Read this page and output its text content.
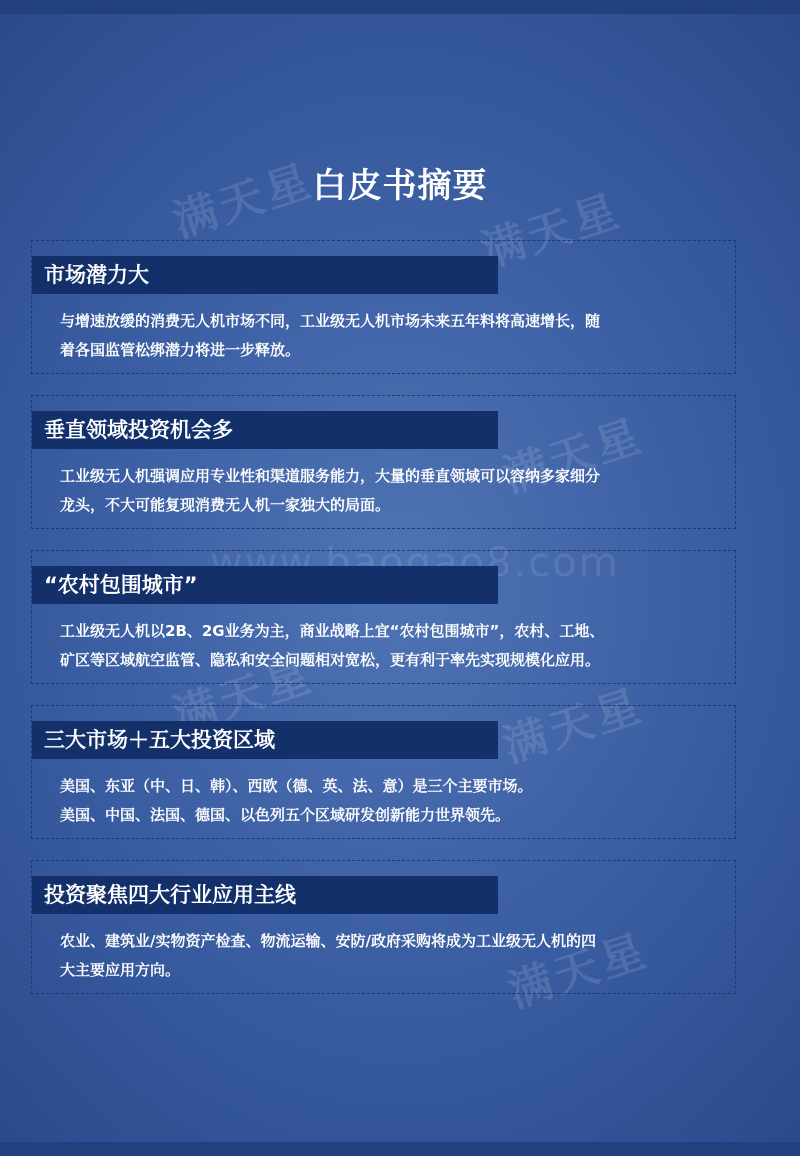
满天星	满天星
满天星
满天星	满天星
满天星
www.baogao8.com
白皮书摘要
市场潜力大

与增速放缓的消费无人机市场不同，工业级无人机市场未来五年料将高速增长，随

着各国监管松绑潜力将进一步释放。

垂直领域投资机会多

工业级无人机强调应用专业性和渠道服务能力，大量的垂直领域可以容纳多家细分

龙头，不大可能复现消费无人机一家独大的局面。

“农村包围城市”

工业级无人机以2B、2G业务为主，商业战略上宜“农村包围城市”，农村、工地、

矿区等区域航空监管、隐私和安全问题相对宽松，更有利于率先实现规模化应用。

三大市场＋五大投资区域

美国、东亚（中、日、韩）、西欧（德、英、法、意）是三个主要市场。

美国、中国、法国、德国、以色列五个区域研发创新能力世界领先。

投资聚焦四大行业应用主线

农业、建筑业/实物资产检查、物流运输、安防/政府采购将成为工业级无人机的四

大主要应用方向。
